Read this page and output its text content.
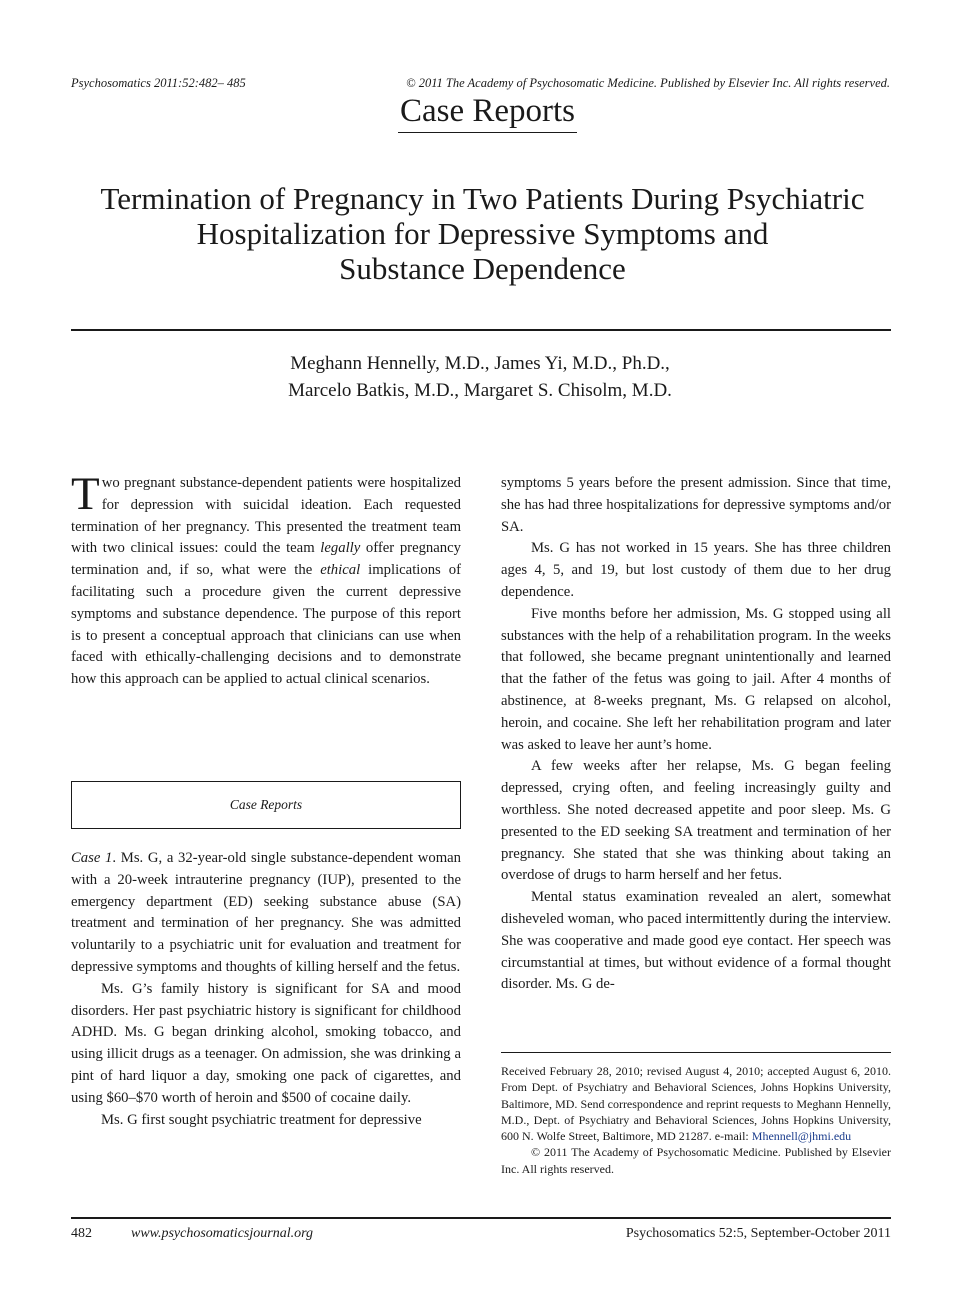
Psychosomatics 2011:52:482– 485	© 2011 The Academy of Psychosomatic Medicine. Published by Elsevier Inc. All rights reserved.
Case Reports
Termination of Pregnancy in Two Patients During Psychiatric
Hospitalization for Depressive Symptoms and
Substance Dependence
Meghann Hennelly, M.D., James Yi, M.D., Ph.D.,
Marcelo Batkis, M.D., Margaret S. Chisolm, M.D.

Two pregnant substance-dependent patients were hospitalized for depression with suicidal ideation. Each requested termination of her pregnancy. This presented the treatment team with two clinical issues: could the team legally offer pregnancy termination and, if so, what were the ethical implications of facilitating such a procedure given the current depressive symptoms and substance dependence. The purpose of this report is to present a conceptual approach that clinicians can use when faced with ethically-challenging decisions and to demonstrate how this approach can be applied to actual clinical scenarios.

Case Reports

Case 1. Ms. G, a 32-year-old single substance-dependent woman with a 20-week intrauterine pregnancy (IUP), presented to the emergency department (ED) seeking substance abuse (SA) treatment and termination of her pregnancy. She was admitted voluntarily to a psychiatric unit for evaluation and treatment for depressive symptoms and thoughts of killing herself and the fetus.

Ms. G’s family history is significant for SA and mood disorders. Her past psychiatric history is significant for childhood ADHD. Ms. G began drinking alcohol, smoking tobacco, and using illicit drugs as a teenager. On admission, she was drinking a pint of hard liquor a day, smoking one pack of cigarettes, and using $60–$70 worth of heroin and $500 of cocaine daily.

Ms. G first sought psychiatric treatment for depressive

symptoms 5 years before the present admission. Since that time, she has had three hospitalizations for depressive symptoms and/or SA.

Ms. G has not worked in 15 years. She has three children ages 4, 5, and 19, but lost custody of them due to her drug dependence.

Five months before her admission, Ms. G stopped using all substances with the help of a rehabilitation program. In the weeks that followed, she became pregnant unintentionally and learned that the father of the fetus was going to jail. After 4 months of abstinence, at 8-weeks pregnant, Ms. G relapsed on alcohol, heroin, and cocaine. She left her rehabilitation program and later was asked to leave her aunt’s home.

A few weeks after her relapse, Ms. G began feeling depressed, crying often, and feeling increasingly guilty and worthless. She noted decreased appetite and poor sleep. Ms. G presented to the ED seeking SA treatment and termination of her pregnancy. She stated that she was thinking about taking an overdose of drugs to harm herself and her fetus.

Mental status examination revealed an alert, somewhat disheveled woman, who paced intermittently during the interview. She was cooperative and made good eye contact. Her speech was circumstantial at times, but without evidence of a formal thought disorder. Ms. G de-

Received February 28, 2010; revised August 4, 2010; accepted August 6, 2010. From Dept. of Psychiatry and Behavioral Sciences, Johns Hopkins University, Baltimore, MD. Send correspondence and reprint requests to Meghann Hennelly, M.D., Dept. of Psychiatry and Behavioral Sciences, Johns Hopkins University, 600 N. Wolfe Street, Baltimore, MD 21287. e-mail: Mhennell@jhmi.edu

© 2011 The Academy of Psychosomatic Medicine. Published by Elsevier Inc. All rights reserved.

482	www.psychosomaticsjournal.org	Psychosomatics 52:5, September-October 2011
